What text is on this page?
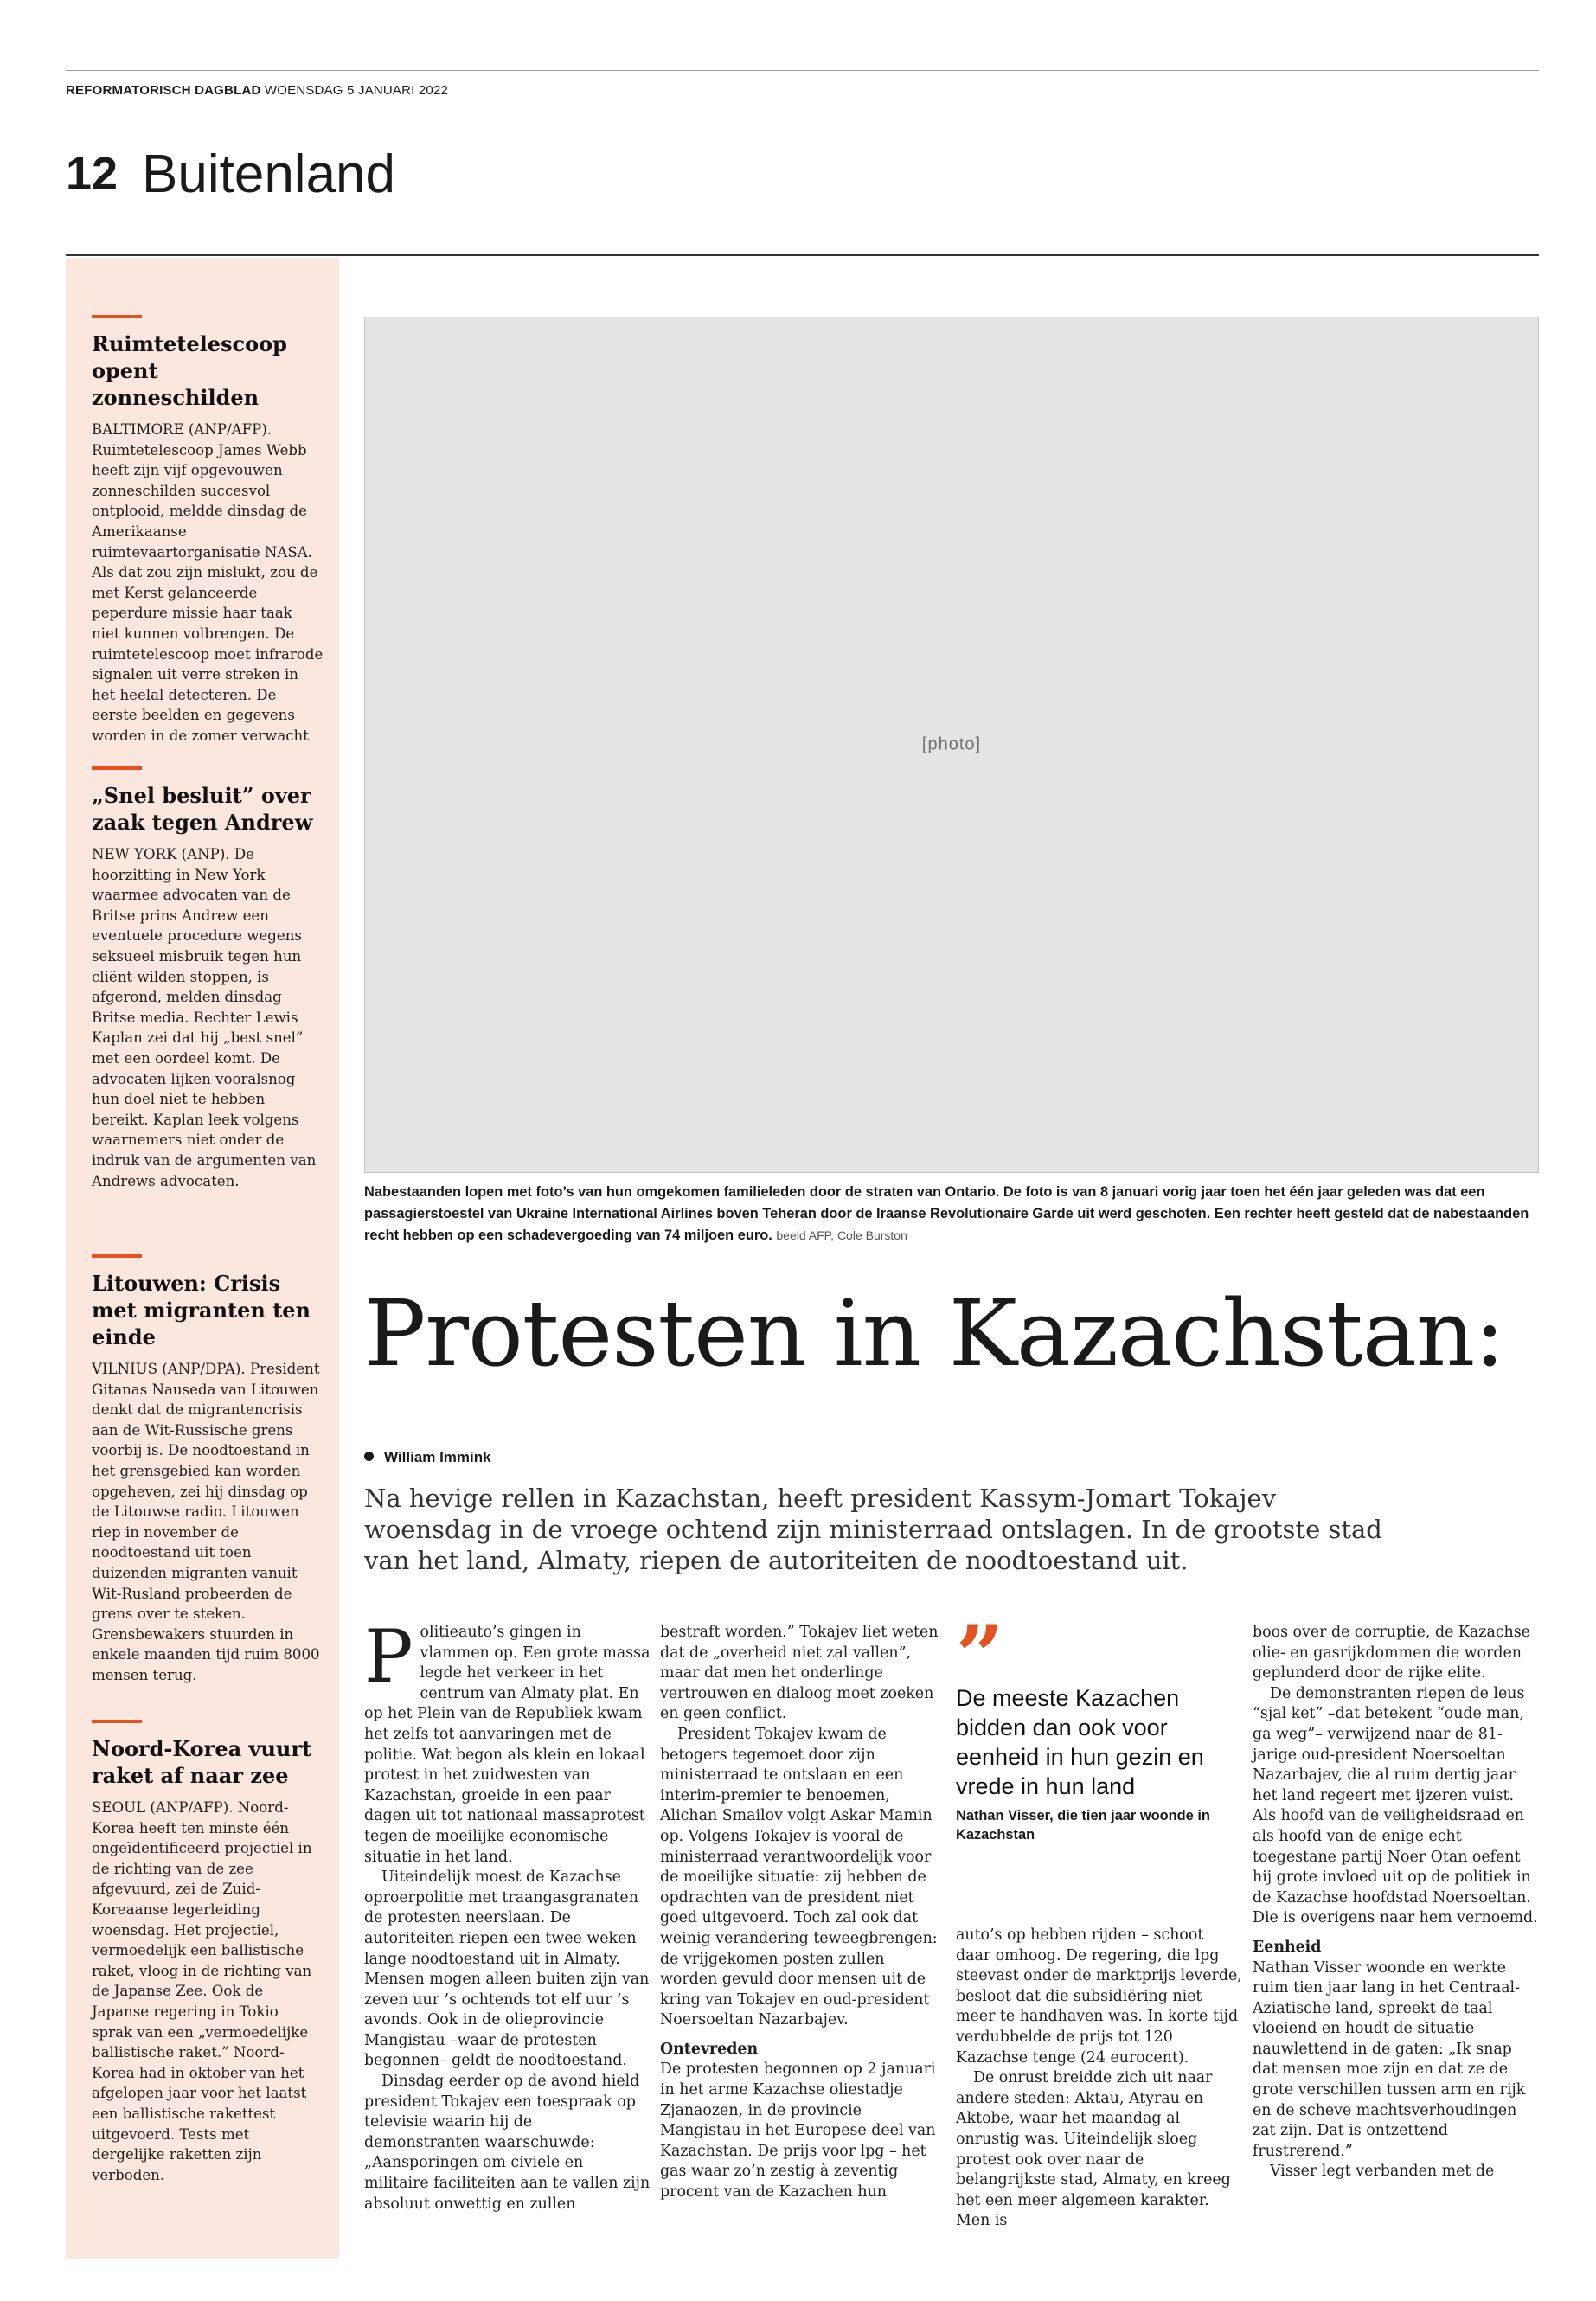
REFORMATORISCH DAGBLAD WOENSDAG 5 JANUARI 2022
12 Buitenland
Ruimtetelescoop opent zonneschilden

BALTIMORE (ANP/AFP). Ruimtetelescoop James Webb heeft zijn vijf opgevouwen zonneschilden succesvol ontplooid, meldde dinsdag de Amerikaanse ruimtevaartorganisatie NASA. Als dat zou zijn mislukt, zou de met Kerst gelanceerde peperdure missie haar taak niet kunnen volbrengen. De ruimtetelescoop moet infrarode signalen uit verre streken in het heelal detecteren. De eerste beelden en gegevens worden in de zomer verwacht

„Snel besluit” over zaak tegen Andrew

NEW YORK (ANP). De hoorzitting in New York waarmee advocaten van de Britse prins Andrew een eventuele procedure wegens seksueel misbruik tegen hun cliënt wilden stoppen, is afgerond, melden dinsdag Britse media. Rechter Lewis Kaplan zei dat hij „best snel” met een oordeel komt. De advocaten lijken vooralsnog hun doel niet te hebben bereikt. Kaplan leek volgens waarnemers niet onder de indruk van de argumenten van Andrews advocaten.

Litouwen: Crisis met migranten ten einde

VILNIUS (ANP/DPA). President Gitanas Nauseda van Litouwen denkt dat de migrantencrisis aan de Wit-Russische grens voorbij is. De noodtoestand in het grensgebied kan worden opgeheven, zei hij dinsdag op de Litouwse radio. Litouwen riep in november de noodtoestand uit toen duizenden migranten vanuit Wit-Rusland probeerden de grens over te steken. Grensbewakers stuurden in enkele maanden tijd ruim 8000 mensen terug.

Noord-Korea vuurt raket af naar zee

SEOUL (ANP/AFP). Noord-Korea heeft ten minste één ongeïdentificeerd projectiel in de richting van de zee afgevuurd, zei de Zuid-Koreaanse legerleiding woensdag. Het projectiel, vermoedelijk een ballistische raket, vloog in de richting van de Japanse Zee. Ook de Japanse regering in Tokio sprak van een „vermoedelijke ballistische raket.” Noord-Korea had in oktober van het afgelopen jaar voor het laatst een ballistische rakettest uitgevoerd. Tests met dergelijke raketten zijn verboden.

[photo]
Nabestaanden lopen met foto’s van hun omgekomen familieleden door de straten van Ontario. De foto is van 8 januari vorig jaar toen het één jaar geleden was dat een passagierstoestel van Ukraine International Airlines boven Teheran door de Iraanse Revolutionaire Garde uit werd geschoten. Een rechter heeft gesteld dat de nabestaanden recht hebben op een schadevergoeding van 74 miljoen euro. beeld AFP, Cole Burston
Protesten in Kazachstan:
William Immink
Na hevige rellen in Kazachstan, heeft president Kassym-Jomart Tokajev woensdag in de vroege ochtend zijn ministerraad ontslagen. In de grootste stad van het land, Almaty, riepen de autoriteiten de noodtoestand uit.

Politieauto’s gingen in vlammen op. Een grote massa legde het verkeer in het centrum van Almaty plat. En op het Plein van de Republiek kwam het zelfs tot aanvaringen met de politie. Wat begon als klein en lokaal protest in het zuidwesten van Kazachstan, groeide in een paar dagen uit tot nationaal massaprotest tegen de moeilijke economische situatie in het land.

Uiteindelijk moest de Kazachse oproerpolitie met traangasgranaten de protesten neerslaan. De autoriteiten riepen een twee weken lange noodtoestand uit in Almaty. Mensen mogen alleen buiten zijn van zeven uur ’s ochtends tot elf uur ’s avonds. Ook in de olieprovincie Mangistau –waar de protesten begonnen– geldt de noodtoestand.

Dinsdag eerder op de avond hield president Tokajev een toespraak op televisie waarin hij de demonstranten waarschuwde: „Aansporingen om civiele en militaire faciliteiten aan te vallen zijn absoluut onwettig en zullen

bestraft worden.” Tokajev liet weten dat de „overheid niet zal vallen”, maar dat men het onderlinge vertrouwen en dialoog moet zoeken en geen conflict.

President Tokajev kwam de betogers tegemoet door zijn ministerraad te ontslaan en een interim-premier te benoemen, Alichan Smailov volgt Askar Mamin op. Volgens Tokajev is vooral de ministerraad verantwoordelijk voor de moeilijke situatie: zij hebben de opdrachten van de president niet goed uitgevoerd. Toch zal ook dat weinig verandering teweegbrengen: de vrijgekomen posten zullen worden gevuld door mensen uit de kring van Tokajev en oud-president Noersoeltan Nazarbajev.

Ontevreden

De protesten begonnen op 2 januari in het arme Kazachse oliestadje Zjanaozen, in de provincie Mangistau in het Europese deel van Kazachstan. De prijs voor lpg – het gas waar zo’n zestig à zeventig procent van de Kazachen hun

”
De meeste Kazachen bidden dan ook voor eenheid in hun gezin en vrede in hun land
Nathan Visser, die tien jaar woonde in Kazachstan

auto’s op hebben rijden – schoot daar omhoog. De regering, die lpg steevast onder de marktprijs leverde, besloot dat die subsidiëring niet meer te handhaven was. In korte tijd verdubbelde de prijs tot 120 Kazachse tenge (24 eurocent).

De onrust breidde zich uit naar andere steden: Aktau, Atyrau en Aktobe, waar het maandag al onrustig was. Uiteindelijk sloeg protest ook over naar de belangrijkste stad, Almaty, en kreeg het een meer algemeen karakter. Men is

boos over de corruptie, de Kazachse olie- en gasrijkdommen die worden geplunderd door de rijke elite.

De demonstranten riepen de leus “sjal ket” –dat betekent “oude man, ga weg”– verwijzend naar de 81-jarige oud-president Noersoeltan Nazarbajev, die al ruim dertig jaar het land regeert met ijzeren vuist. Als hoofd van de veiligheidsraad en als hoofd van de enige echt toegestane partij Noer Otan oefent hij grote invloed uit op de politiek in de Kazachse hoofdstad Noersoeltan. Die is overigens naar hem vernoemd.

Eenheid

Nathan Visser woonde en werkte ruim tien jaar lang in het Centraal-Aziatische land, spreekt de taal vloeiend en houdt de situatie nauwlettend in de gaten: „Ik snap dat mensen moe zijn en dat ze de grote verschillen tussen arm en rijk en de scheve machtsverhoudingen zat zijn. Dat is ontzettend frustrerend.”

Visser legt verbanden met de
